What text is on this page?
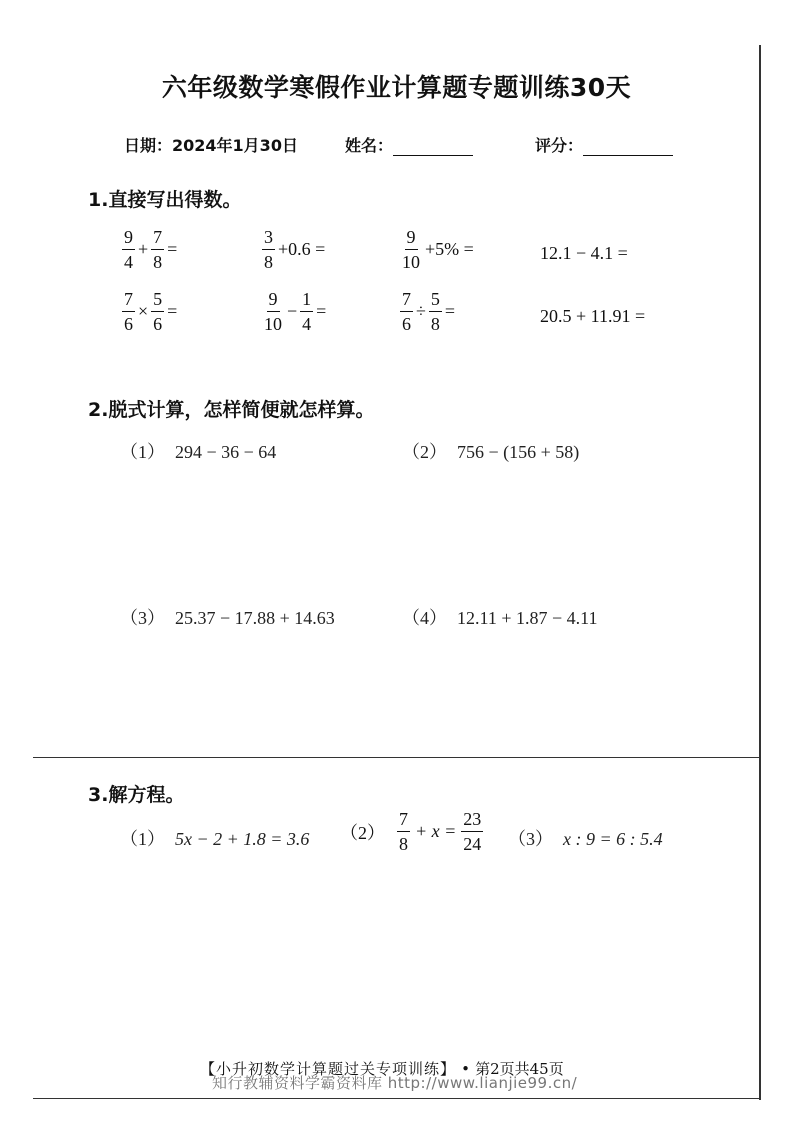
六年级数学寒假作业计算题专题训练30天
日期：2024年1月30日	姓名：	评分：
1.直接写出得数。
$\frac{9}{4} + \frac{7}{8}$ =	$\frac{3}{8} +0.6$ =	$\frac{9}{10} +5\%$ =	12.1 − 4.1 =
$\frac{7}{6} \times \frac{5}{6}$ =	$\frac{9}{10} - \frac{1}{4}$ =	$\frac{7}{6} \div \frac{5}{8}$ =	20.5 + 11.91 =
2.脱式计算，怎样简便就怎样算。
（1） 294 − 36 − 64	（2） 756 − (156 + 58)
（3） 25.37 − 17.88 + 14.63	（4） 12.11 + 1.87 − 4.11
3.解方程。
（1） 5x − 2 + 1.8 = 3.6 $(2) \frac{7}{8} + x = \frac{23}{24} (3)$ x : 9 = 6 : 5.4
【小升初数学计算题过关专项训练】 • 第2页共45页
知行教辅资料学霸资料库 http://www.lianjie99.cn/
